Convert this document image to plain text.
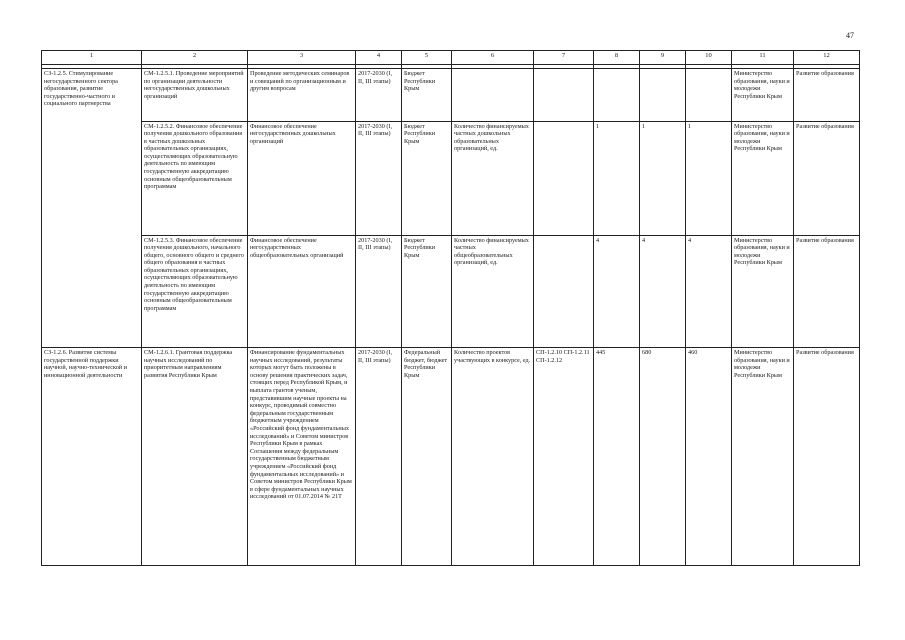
47
1	2	3	4	5	6	7	8	9	10	11	12

СЗ-1.2.5. Стимулирование негосударственного сектора образования, развитие государственно-частного и социального партнерства	СМ-1.2.5.1. Проведение мероприятий по организации деятельности негосударственных дошкольных организаций	Проведение методических семинаров и совещаний по организационным и другим вопросам	2017-2030 (I, II, III этапы)	Бюджет Республики Крым						Министерство образования, науки и молодежи Республики Крым	Развитие образования
	СМ-1.2.5.2. Финансовое обеспечение получения дошкольного образования в частных дошкольных образовательных организациях, осуществляющих образовательную деятельность по имеющим государственную аккредитацию основным общеобразовательным программам	Финансовое обеспечение негосударственных дошкольных организаций	2017-2030 (I, II, III этапы)	Бюджет Республики Крым	Количество финансируемых частных дошкольных образовательных организаций, ед.		1	1	1	Министерство образования, науки и молодежи Республики Крым	Развитие образования
	СМ-1.2.5.3. Финансовое обеспечение получения дошкольного, начального общего, основного общего и среднего общего образования в частных образовательных организациях, осуществляющих образовательную деятельность по имеющим государственную аккредитацию основным общеобразовательным программам	Финансовое обеспечение негосударственных общеобразовательных организаций	2017-2030 (I, II, III этапы)	Бюджет Республики Крым	Количество финансируемых частных общеобразовательных организаций, ед.		4	4	4	Министерство образования, науки и молодежи Республики Крым	Развитие образования
СЗ-1.2.6. Развитие системы государственной поддержки научной, научно-технической и инновационной деятельности	СМ-1.2.6.1. Грантовая поддержка научных исследований по приоритетным направлениям развития Республики Крым	Финансирование фундаментальных научных исследований, результаты которых могут быть положены в основу решения практических задач, стоящих перед Республикой Крым, и выплата грантов ученым, представившим научные проекты на конкурс, проводимый совместно федеральным государственным бюджетным учреждением «Российский фонд фундаментальных исследований» и Советом министров Республики Крым в рамках Соглашения между федеральным государственным бюджетным учреждением «Российский фонд фундаментальных исследований» и Советом министров Республики Крым в сфере фундаментальных научных исследований от 01.07.2014 № 21Т	2017-2030 (I, II, III этапы)	Федеральный бюджет, бюджет Республики Крым	Количество проектов участвующих в конкурсе, ед.	СП-1.2.10 СП-1.2.11 СП-1.2.12	445	680	460	Министерство образования, науки и молодежи Республики Крым	Развитие образования
